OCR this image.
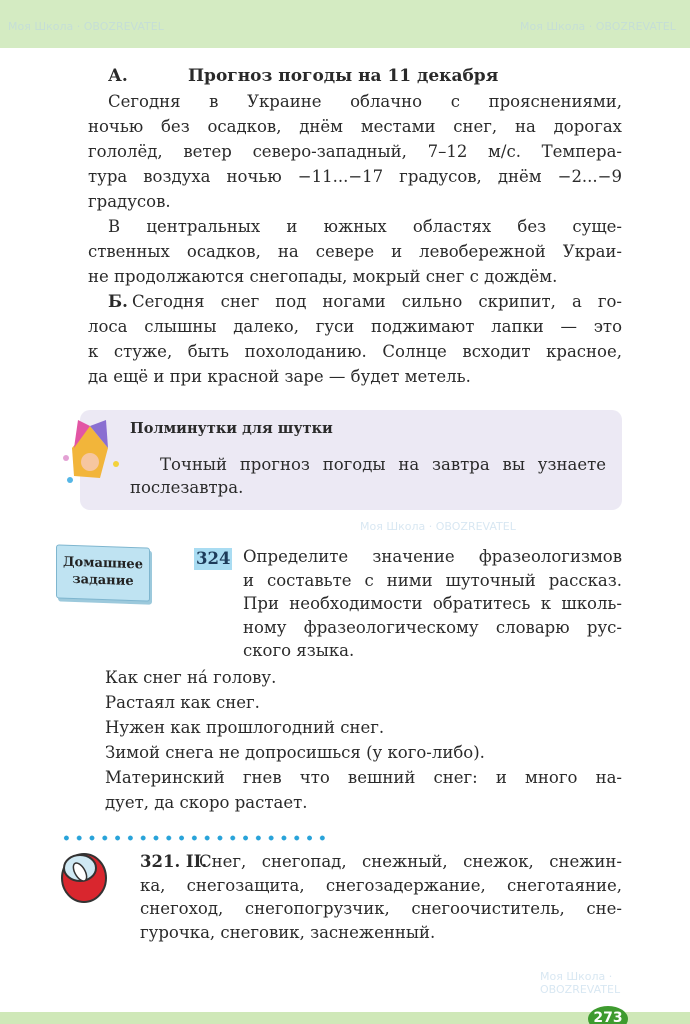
Моя Школа · OBOZREVATEL	Моя Школа · OBOZREVATEL
Моя Школа · OBOZREVATEL
Моя Школа · OBOZREVATEL
А.	Прогноз погоды на 11 декабря
Сегодня в Украине облачно с прояснениями,
ночью без осадков, днём местами снег, на дорогах
гололёд, ветер северо-западный, 7–12 м/с. Темпера-
тура воздуха ночью −11...−17 градусов, днём −2...−9
градусов.
В центральных и южных областях без суще-
ственных осадков, на севере и левобережной Украи-
не продолжаются снегопады, мокрый снег с дождём.
Б. Сегодня снег под ногами сильно скрипит, а го-
лоса слышны далеко, гуси поджимают лапки — это
к стуже, быть похолоданию. Солнце всходит красное,
да ещё и при красной заре — будет метель.
Полминутки для шутки
Точный прогноз погоды на завтра вы узнаете
послезавтра.
Домашнее
задание
324 Определите значение фразеологизмов
и составьте с ними шуточный рассказ.
При необходимости обратитесь к школь-
ному фразеологическому словарю рус-
ского языка.
Как снег на́ голову.
Растаял как снег.
Нужен как прошлогодний снег.
Зимой снега не допросишься (у кого-либо).
Материнский гнев что вешний снег: и много на-
дует, да скоро растает.
321. II.
Снег, снегопад, снежный, снежок, снежин-
ка, снегозащита, снегозадержание, снеготаяние,
снегоход, снегопогрузчик, снегоочиститель, сне-
гурочка, снеговик, заснеженный.
273
